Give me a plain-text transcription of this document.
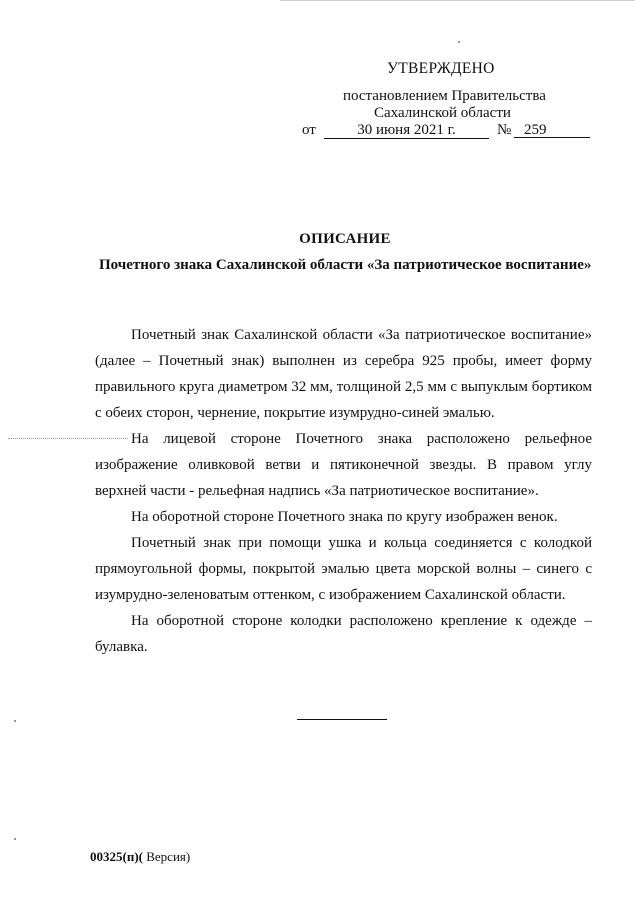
УТВЕРЖДЕНО
постановлением Правительства
Сахалинской области
от	30 июня 2021 г.	№ 259
ОПИСАНИЕ
Почетного знака Сахалинской области «За патриотическое воспитание»

Почетный знак Сахалинской области «За патриотическое воспитание» (далее – Почетный знак) выполнен из серебра 925 пробы, имеет форму правильного круга диаметром 32 мм, толщиной 2,5 мм с выпуклым бортиком с обеих сторон, чернение, покрытие изумрудно-синей эмалью.

На лицевой стороне Почетного знака расположено рельефное изображение оливковой ветви и пятиконечной звезды. В правом углу верхней части - рельефная надпись «За патриотическое воспитание».

На оборотной стороне Почетного знака по кругу изображен венок.

Почетный знак при помощи ушка и кольца соединяется с колодкой прямоугольной формы, покрытой эмалью цвета морской волны – синего с изумрудно-зеленоватым оттенком, с изображением Сахалинской области.

На оборотной стороне колодки расположено крепление к одежде – булавка.

00325(п)( Версия)
